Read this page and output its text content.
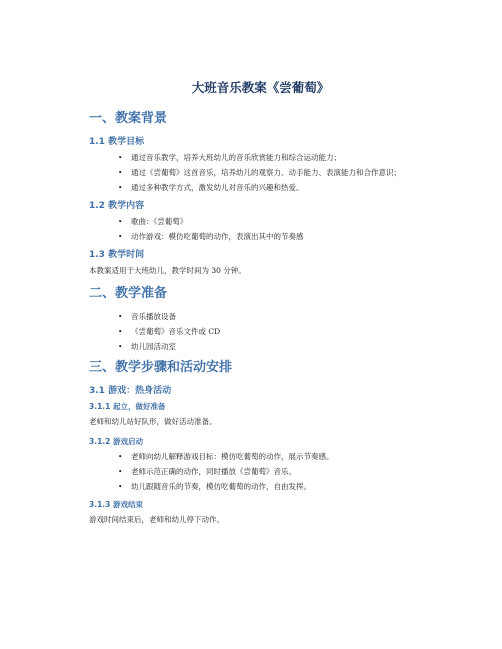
大班音乐教案《尝葡萄》
一、教案背景
1.1 教学目标
• 通过音乐教学，培养大班幼儿的音乐欣赏能力和综合运动能力；
• 通过《尝葡萄》这首音乐，培养幼儿的观察力、动手能力、表演能力和合作意识；
• 通过多种教学方式，激发幼儿对音乐的兴趣和热爱。
1.2 教学内容
• 歌曲：《尝葡萄》
• 动作游戏：模仿吃葡萄的动作，表演出其中的节奏感
1.3 教学时间
本教案适用于大班幼儿，教学时间为 30 分钟。
二、教学准备
• 音乐播放设备
• 《尝葡萄》音乐文件或 CD
• 幼儿园活动室
三、教学步骤和活动安排
3.1 游戏：热身活动
3.1.1 起立，做好准备
老师和幼儿站好队形，做好活动准备。
3.1.2 游戏启动
• 老师向幼儿解释游戏目标：模仿吃葡萄的动作，展示节奏感。
• 老师示范正确的动作，同时播放《尝葡萄》音乐。
• 幼儿跟随音乐的节奏，模仿吃葡萄的动作，自由发挥。
3.1.3 游戏结束
游戏时间结束后，老师和幼儿停下动作。
